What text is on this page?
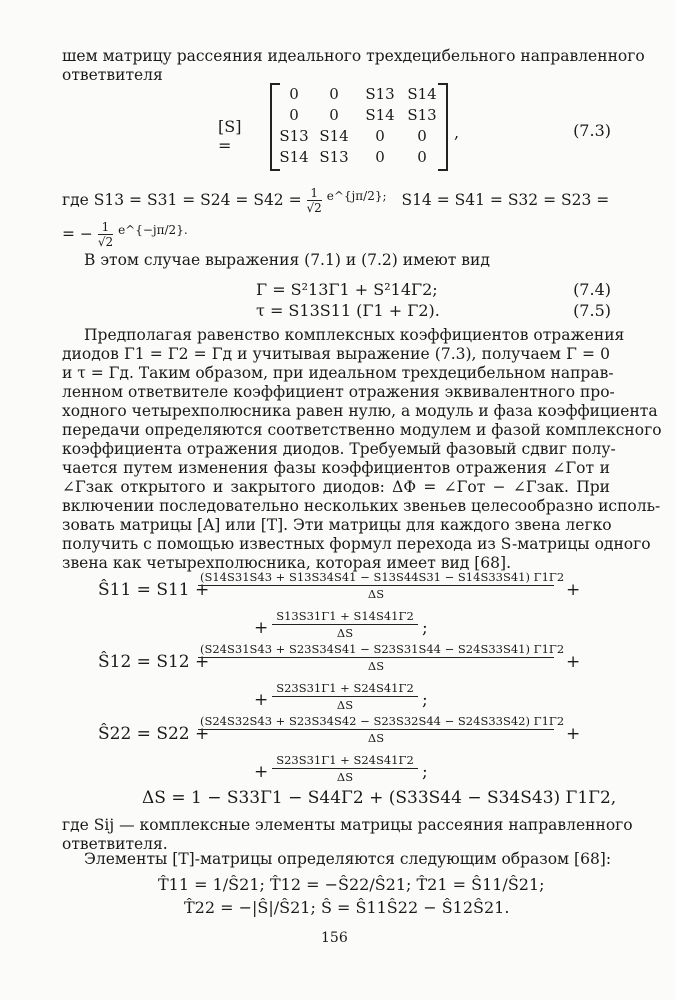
шем матрицу рассеяния идеального трехдецибельного направленного
ответвителя
[S] =
0	0	S13 S14
0	0	S14 S13
S13 S14	0	0
S14 S13	0	0
,	(7.3)
где $S13 = S31 = S24 = S42 = \frac{1}{√2} ^{e\^{}\{j\pi/2\};}$ S14 = S41 = S32 = S23 =
= − $\frac{1}{√2} ^{e\^{}\{-j\pi/2\}.}$
В этом случае выражения (7.1) и (7.2) имеют вид
Γ = S²13Γ1 + S²14Γ2;	(7.4)
τ = S13S11 (Γ1 + Γ2).	(7.5)
Предполагая равенство комплексных коэффициентов отражения
диодов Γ1 = Γ2 = Γд и учитывая выражение (7.3), получаем Γ = 0
и τ = Γд. Таким образом, при идеальном трехдецибельном направ-
ленном ответвителе коэффициент отражения эквивалентного про-
ходного четырехполюсника равен нулю, а модуль и фаза коэффициента
передачи определяются соответственно модулем и фазой комплексного
коэффициента отражения диодов. Требуемый фазовый сдвиг полу-
чается путем изменения фазы коэффициентов отражения ∠Γот и
∠Γзак открытого и закрытого диодов: ΔΦ = ∠Γот − ∠Γзак. При
включении последовательно нескольких звеньев целесообразно исполь-
зовать матрицы [A] или [T]. Эти матрицы для каждого звена легко
получить с помощью известных формул перехода из S-матрицы одного
звена как четырехполюсника, которая имеет вид [68].
Ŝ11 = S11 +
$\frac{(S14S31S43 + S13S34S41 - S13S44S31 - S14S33S41) \Gamma 1\Gamma 2}{\Delta S}$ +
+ $\frac{S13S31\Gamma 1 + S14S41\Gamma 2}{\Delta S}$ ;
Ŝ12 = S12 +
$\frac{(S24S31S43 + S23S34S41 - S23S31S44 - S24S33S41) \Gamma 1\Gamma 2}{\Delta S}$ +
+ $\frac{S23S31\Gamma 1 + S24S41\Gamma 2}{\Delta S}$ ;
Ŝ22 = S22 +
$\frac{(S24S32S43 + S23S34S42 - S23S32S44 - S24S33S42) \Gamma 1\Gamma 2}{\Delta S}$ +
+ $\frac{S23S31\Gamma 1 + S24S41\Gamma 2}{\Delta S}$ ;
ΔS = 1 − S33Γ1 − S44Γ2 + (S33S44 − S34S43) Γ1Γ2,
где Sij — комплексные элементы матрицы рассеяния направленного
ответвителя.
Элементы [T]-матрицы определяются следующим образом [68]:
T̂11 = 1/Ŝ21; T̂12 = −Ŝ22/Ŝ21; T̂21 = Ŝ11/Ŝ21;
T̂22 = −|Ŝ|/Ŝ21; Ŝ = Ŝ11Ŝ22 − Ŝ12Ŝ21.
156
